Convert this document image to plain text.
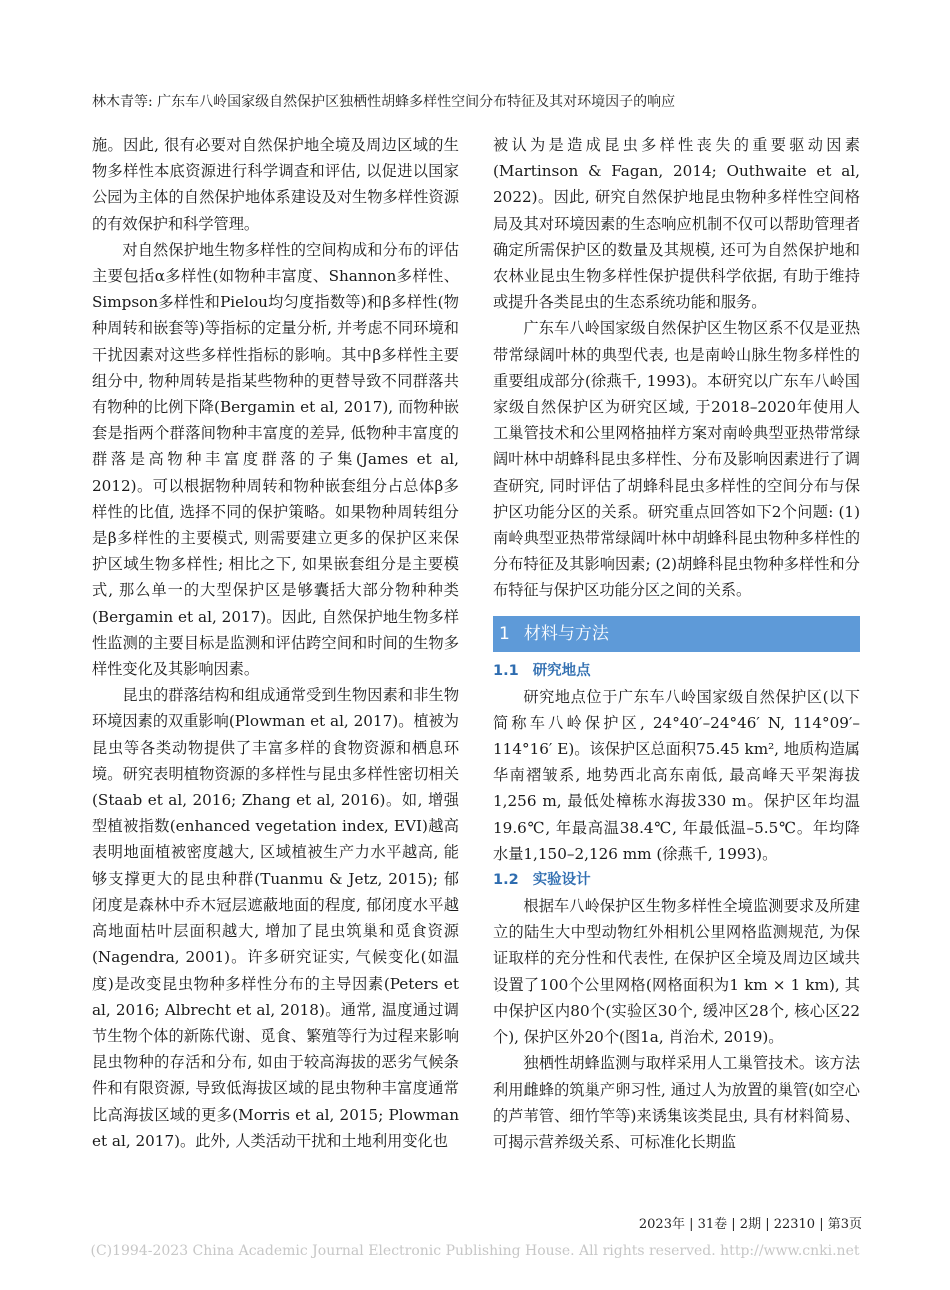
林木青等: 广东车八岭国家级自然保护区独栖性胡蜂多样性空间分布特征及其对环境因子的响应

施。因此, 很有必要对自然保护地全境及周边区域的生物多样性本底资源进行科学调查和评估, 以促进以国家公园为主体的自然保护地体系建设及对生物多样性资源的有效保护和科学管理。

对自然保护地生物多样性的空间构成和分布的评估主要包括α多样性(如物种丰富度、Shannon多样性、Simpson多样性和Pielou均匀度指数等)和β多样性(物种周转和嵌套等)等指标的定量分析, 并考虑不同环境和干扰因素对这些多样性指标的影响。其中β多样性主要组分中, 物种周转是指某些物种的更替导致不同群落共有物种的比例下降(Bergamin et al, 2017), 而物种嵌套是指两个群落间物种丰富度的差异, 低物种丰富度的群落是高物种丰富度群落的子集(James et al, 2012)。可以根据物种周转和物种嵌套组分占总体β多样性的比值, 选择不同的保护策略。如果物种周转组分是β多样性的主要模式, 则需要建立更多的保护区来保护区域生物多样性; 相比之下, 如果嵌套组分是主要模式, 那么单一的大型保护区是够囊括大部分物种种类(Bergamin et al, 2017)。因此, 自然保护地生物多样性监测的主要目标是监测和评估跨空间和时间的生物多样性变化及其影响因素。

昆虫的群落结构和组成通常受到生物因素和非生物环境因素的双重影响(Plowman et al, 2017)。植被为昆虫等各类动物提供了丰富多样的食物资源和栖息环境。研究表明植物资源的多样性与昆虫多样性密切相关(Staab et al, 2016; Zhang et al, 2016)。如, 增强型植被指数(enhanced vegetation index, EVI)越高表明地面植被密度越大, 区域植被生产力水平越高, 能够支撑更大的昆虫种群(Tuanmu & Jetz, 2015); 郁闭度是森林中乔木冠层遮蔽地面的程度, 郁闭度水平越高地面枯叶层面积越大, 增加了昆虫筑巢和觅食资源(Nagendra, 2001)。许多研究证实, 气候变化(如温度)是改变昆虫物种多样性分布的主导因素(Peters et al, 2016; Albrecht et al, 2018)。通常, 温度通过调节生物个体的新陈代谢、觅食、繁殖等行为过程来影响昆虫物种的存活和分布, 如由于较高海拔的恶劣气候条件和有限资源, 导致低海拔区域的昆虫物种丰富度通常比高海拔区域的更多(Morris et al, 2015; Plowman et al, 2017)。此外, 人类活动干扰和土地利用变化也

被认为是造成昆虫多样性丧失的重要驱动因素(Martinson & Fagan, 2014; Outhwaite et al, 2022)。因此, 研究自然保护地昆虫物种多样性空间格局及其对环境因素的生态响应机制不仅可以帮助管理者确定所需保护区的数量及其规模, 还可为自然保护地和农林业昆虫生物多样性保护提供科学依据, 有助于维持或提升各类昆虫的生态系统功能和服务。

广东车八岭国家级自然保护区生物区系不仅是亚热带常绿阔叶林的典型代表, 也是南岭山脉生物多样性的重要组成部分(徐燕千, 1993)。本研究以广东车八岭国家级自然保护区为研究区域, 于2018–2020年使用人工巢管技术和公里网格抽样方案对南岭典型亚热带常绿阔叶林中胡蜂科昆虫多样性、分布及影响因素进行了调查研究, 同时评估了胡蜂科昆虫多样性的空间分布与保护区功能分区的关系。研究重点回答如下2个问题: (1)南岭典型亚热带常绿阔叶林中胡蜂科昆虫物种多样性的分布特征及其影响因素; (2)胡蜂科昆虫物种多样性和分布特征与保护区功能分区之间的关系。

1 材料与方法
1.1 研究地点

研究地点位于广东车八岭国家级自然保护区(以下简称车八岭保护区, 24°40′–24°46′ N, 114°09′–114°16′ E)。该保护区总面积75.45 km², 地质构造属华南褶皱系, 地势西北高东南低, 最高峰天平架海拔1,256 m, 最低处樟栋水海拔330 m。保护区年均温19.6℃, 年最高温38.4℃, 年最低温–5.5℃。年均降水量1,150–2,126 mm (徐燕千, 1993)。

1.2 实验设计

根据车八岭保护区生物多样性全境监测要求及所建立的陆生大中型动物红外相机公里网格监测规范, 为保证取样的充分性和代表性, 在保护区全境及周边区域共设置了100个公里网格(网格面积为1 km × 1 km), 其中保护区内80个(实验区30个, 缓冲区28个, 核心区22个), 保护区外20个(图1a, 肖治术, 2019)。

独栖性胡蜂监测与取样采用人工巢管技术。该方法利用雌蜂的筑巢产卵习性, 通过人为放置的巢管(如空心的芦苇管、细竹竿等)来诱集该类昆虫, 具有材料简易、可揭示营养级关系、可标准化长期监

2023年 | 31卷 | 2期 | 22310 | 第3页
(C)1994-2023 China Academic Journal Electronic Publishing House. All rights reserved. http://www.cnki.net
